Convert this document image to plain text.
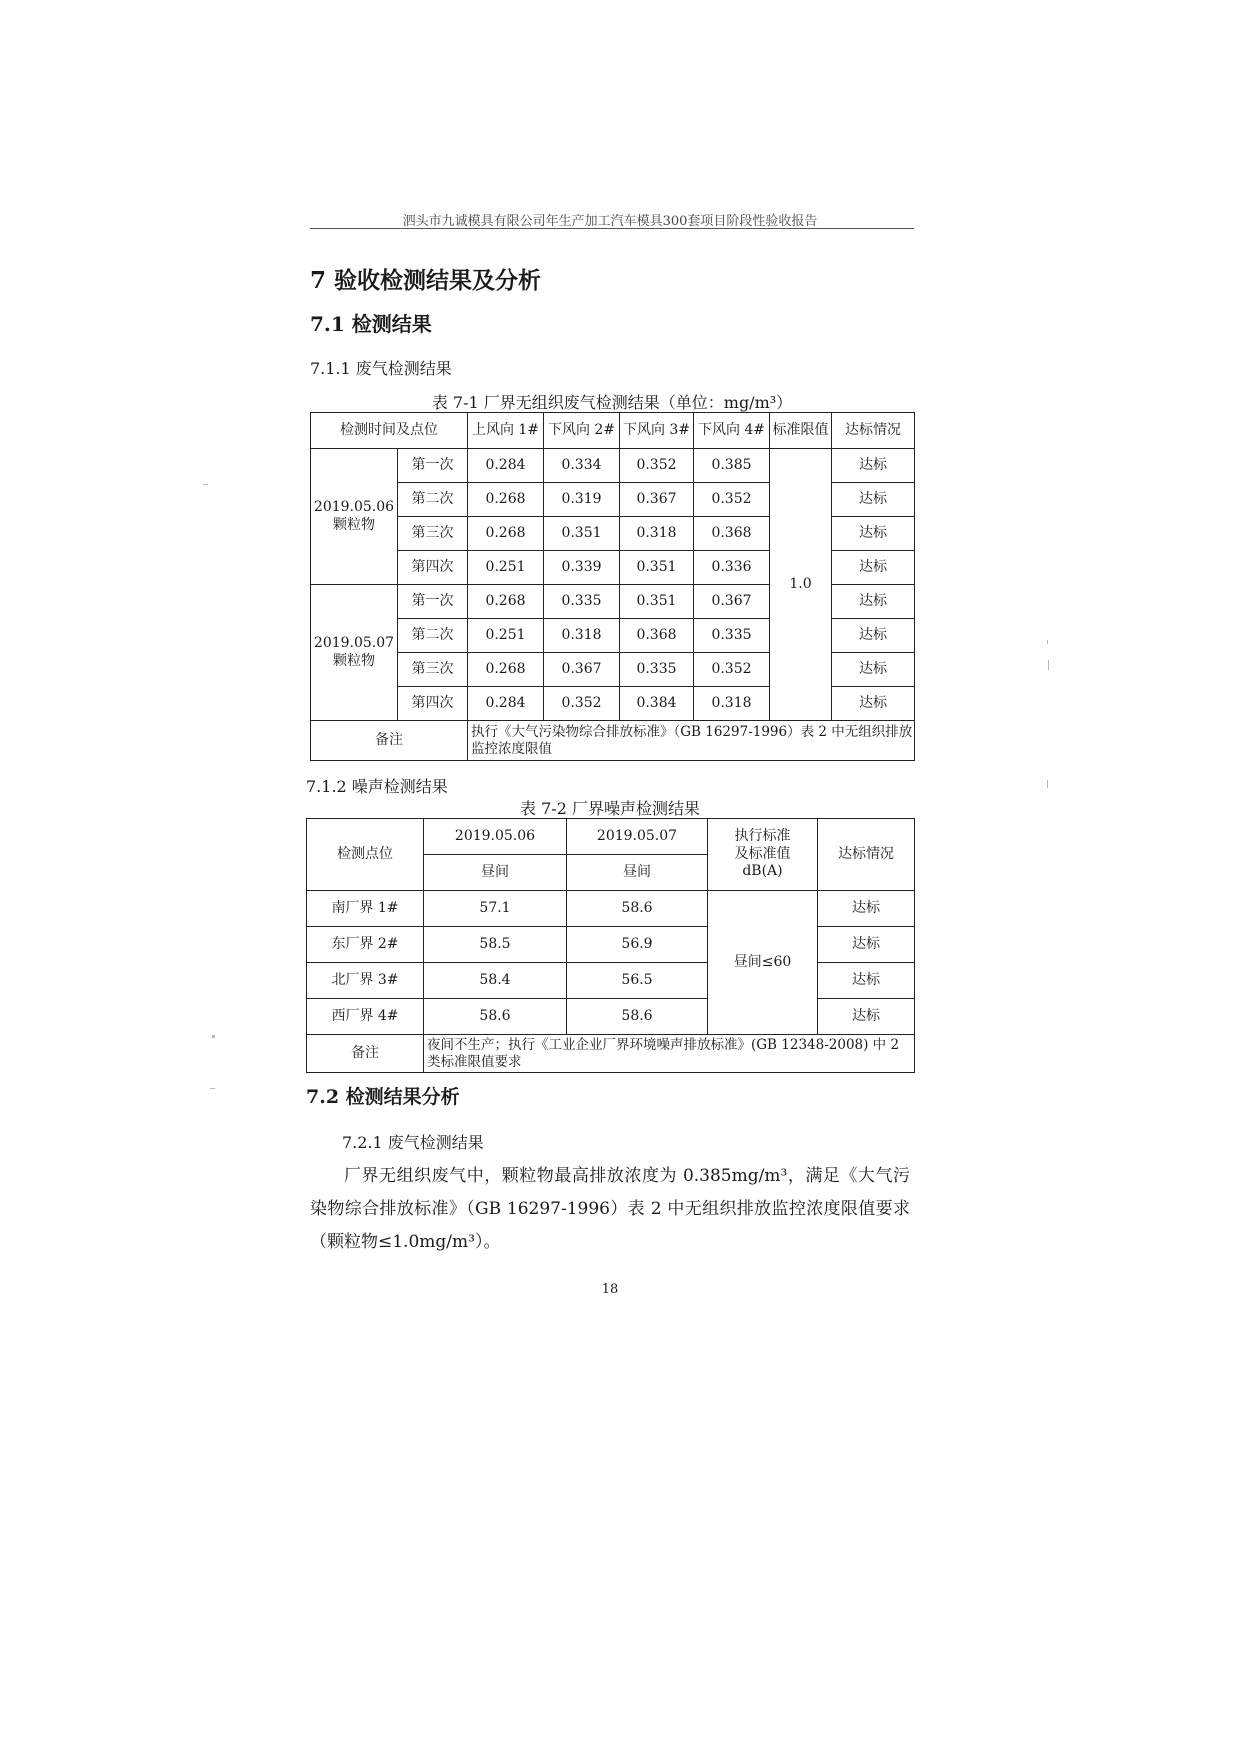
泗头市九诚模具有限公司年生产加工汽车模具300套项目阶段性验收报告
7 验收检测结果及分析
7.1 检测结果
7.1.1 废气检测结果
表 7-1 厂界无组织废气检测结果（单位：mg/m³）
检测时间及点位		上风向 1#	下风向 2#	下风向 3#	下风向 4#	标准限值	达标情况
2019.05.06
颗粒物	第一次	0.284	0.334	0.352	0.385	1.0	达标
	第二次	0.268	0.319	0.367	0.352		达标
	第三次	0.268	0.351	0.318	0.368		达标
	第四次	0.251	0.339	0.351	0.336		达标
2019.05.07
颗粒物	第一次	0.268	0.335	0.351	0.367		达标
	第二次	0.251	0.318	0.368	0.335		达标
	第三次	0.268	0.367	0.335	0.352		达标
	第四次	0.284	0.352	0.384	0.318		达标
备注		执行《大气污染物综合排放标准》（GB 16297-1996）表 2 中无组织排放监控浓度限值					
7.1.2 噪声检测结果
表 7-2 厂界噪声检测结果
检测点位	2019.05.06	2019.05.07	执行标准
及标准值
dB(A)	达标情况
	昼间	昼间		
南厂界 1#	57.1	58.6	昼间≤60	达标
东厂界 2#	58.5	56.9		达标
北厂界 3#	58.4	56.5		达标
西厂界 4#	58.6	58.6		达标
备注	夜间不生产；执行《工业企业厂界环境噪声排放标准》(GB 12348-2008) 中 2 类标准限值要求			
7.2 检测结果分析
7.2.1 废气检测结果
厂界无组织废气中，颗粒物最高排放浓度为 0.385mg/m³，满足《大气污染物综合排放标准》（GB 16297-1996）表 2 中无组织排放监控浓度限值要求（颗粒物≤1.0mg/m³）。
18
